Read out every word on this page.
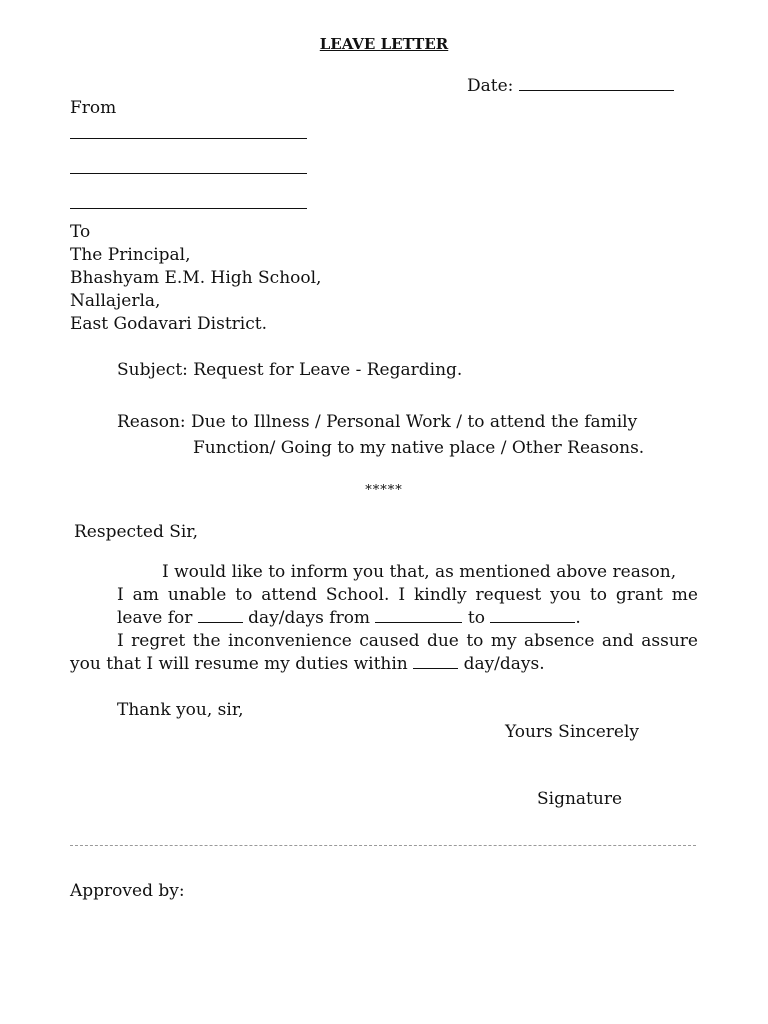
LEAVE LETTER
Date:
From
To
The Principal,
Bhashyam E.M. High School,
Nallajerla,
East Godavari District.
Subject: Request for Leave - Regarding.
Reason: Due to Illness / Personal Work / to attend the family
Function/ Going to my native place / Other Reasons.
*****
Respected Sir,
I would like to inform you that, as mentioned above reason,
I am unable to attend School. I kindly request you to grant me
leave for	day/days from	to	.
I regret the inconvenience caused due to my absence and assure
you that I will resume my duties within	day/days.
Thank you, sir,
Yours Sincerely
Signature
Approved by:
